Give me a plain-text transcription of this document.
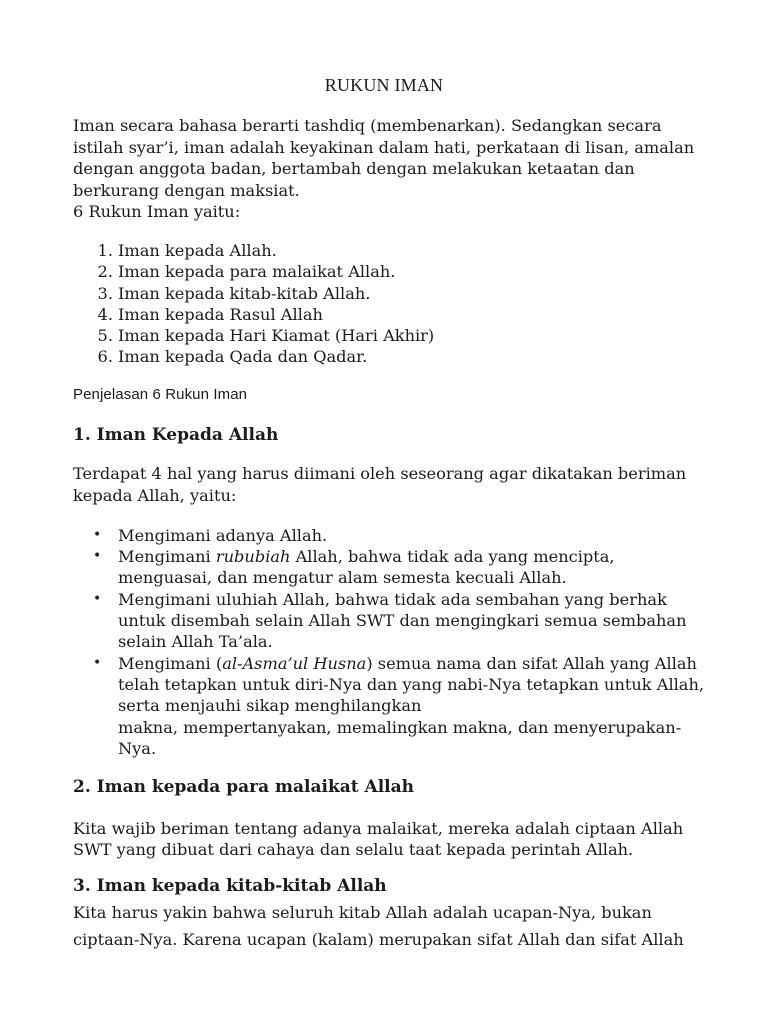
RUKUN IMAN
Iman secara bahasa berarti tashdiq (membenarkan). Sedangkan secara
istilah syar’i, iman adalah keyakinan dalam hati, perkataan di lisan, amalan
dengan anggota badan, bertambah dengan melakukan ketaatan dan
berkurang dengan maksiat.
6 Rukun Iman yaitu:
1. Iman kepada Allah.
2. Iman kepada para malaikat Allah.
3. Iman kepada kitab-kitab Allah.
4. Iman kepada Rasul Allah
5. Iman kepada Hari Kiamat (Hari Akhir)
6. Iman kepada Qada dan Qadar.
Penjelasan 6 Rukun Iman
1. Iman Kepada Allah
Terdapat 4 hal yang harus diimani oleh seseorang agar dikatakan beriman
kepada Allah, yaitu:
• Mengimani adanya Allah.
• Mengimani rububiah Allah, bahwa tidak ada yang mencipta,
menguasai, dan mengatur alam semesta kecuali Allah.
• Mengimani uluhiah Allah, bahwa tidak ada sembahan yang berhak
untuk disembah selain Allah SWT dan mengingkari semua sembahan
selain Allah Ta’ala.
• Mengimani (al-Asma’ul Husna) semua nama dan sifat Allah yang Allah
telah tetapkan untuk diri-Nya dan yang nabi-Nya tetapkan untuk Allah,
serta menjauhi sikap menghilangkan
makna, mempertanyakan, memalingkan makna, dan menyerupakan-
Nya.
2. Iman kepada para malaikat Allah
Kita wajib beriman tentang adanya malaikat, mereka adalah ciptaan Allah
SWT yang dibuat dari cahaya dan selalu taat kepada perintah Allah.
3. Iman kepada kitab-kitab Allah
Kita harus yakin bahwa seluruh kitab Allah adalah ucapan-Nya, bukan
ciptaan-Nya. Karena ucapan (kalam) merupakan sifat Allah dan sifat Allah
